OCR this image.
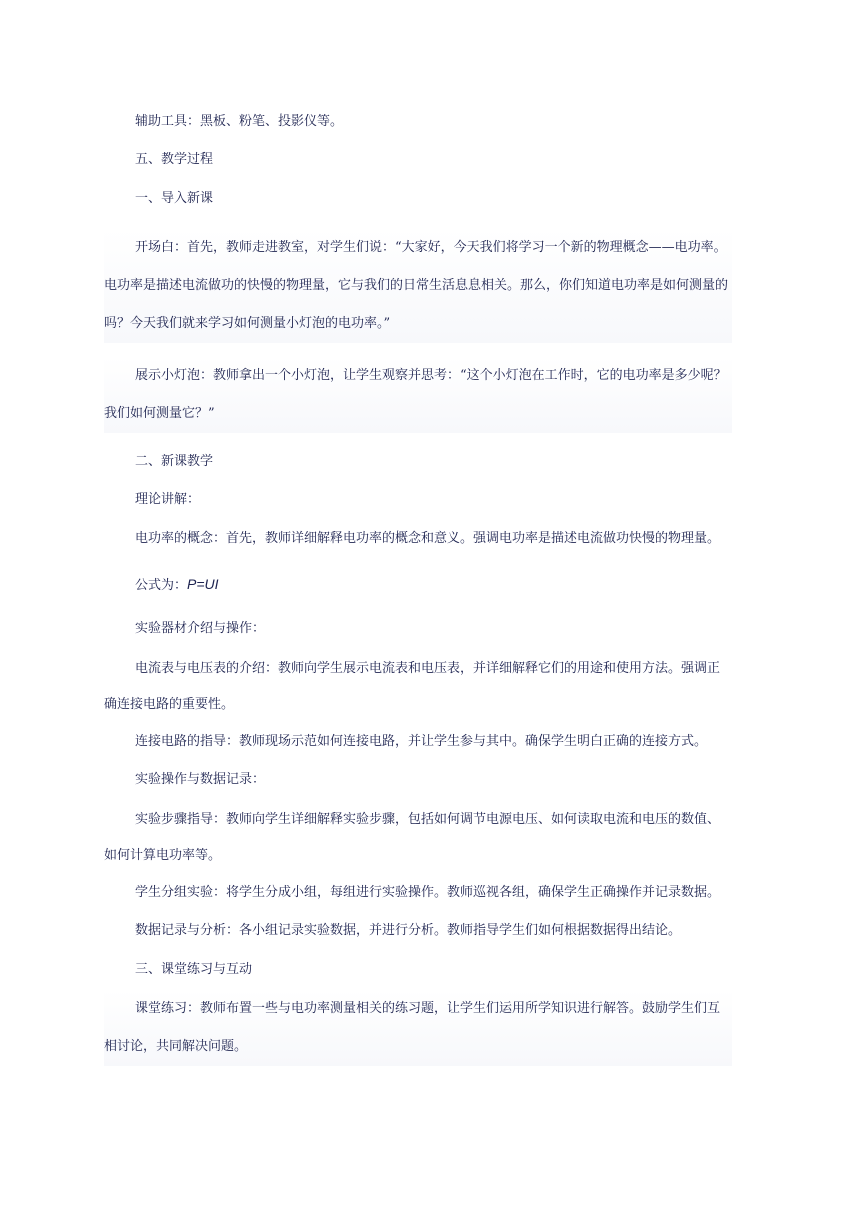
辅助工具：黑板、粉笔、投影仪等。

五、教学过程

一、导入新课

开场白：首先，教师走进教室，对学生们说：“大家好，今天我们将学习一个新的物理概念——电功率。电功率是描述电流做功的快慢的物理量，它与我们的日常生活息息相关。那么，你们知道电功率是如何测量的吗？今天我们就来学习如何测量小灯泡的电功率。”

展示小灯泡：教师拿出一个小灯泡，让学生观察并思考：“这个小灯泡在工作时，它的电功率是多少呢？我们如何测量它？”

二、新课教学

理论讲解：

电功率的概念：首先，教师详细解释电功率的概念和意义。强调电功率是描述电流做功快慢的物理量。

公式为：P=UI

实验器材介绍与操作：

电流表与电压表的介绍：教师向学生展示电流表和电压表，并详细解释它们的用途和使用方法。强调正确连接电路的重要性。

连接电路的指导：教师现场示范如何连接电路，并让学生参与其中。确保学生明白正确的连接方式。

实验操作与数据记录：

实验步骤指导：教师向学生详细解释实验步骤，包括如何调节电源电压、如何读取电流和电压的数值、如何计算电功率等。

学生分组实验：将学生分成小组，每组进行实验操作。教师巡视各组，确保学生正确操作并记录数据。

数据记录与分析：各小组记录实验数据，并进行分析。教师指导学生们如何根据数据得出结论。

三、课堂练习与互动

课堂练习：教师布置一些与电功率测量相关的练习题，让学生们运用所学知识进行解答。鼓励学生们互相讨论，共同解决问题。
